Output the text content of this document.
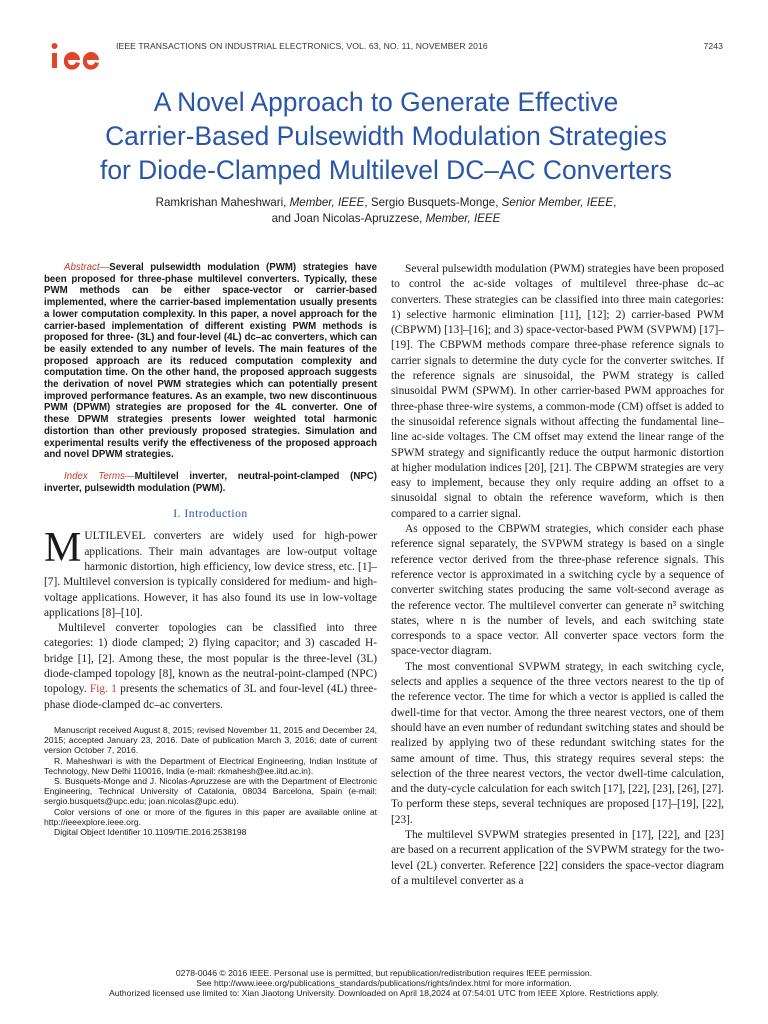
IEEE TRANSACTIONS ON INDUSTRIAL ELECTRONICS, VOL. 63, NO. 11, NOVEMBER 2016	7243
A Novel Approach to Generate Effective
Carrier-Based Pulsewidth Modulation Strategies
for Diode-Clamped Multilevel DC–AC Converters
Ramkrishan Maheshwari, Member, IEEE, Sergio Busquets-Monge, Senior Member, IEEE,
and Joan Nicolas-Apruzzese, Member, IEEE

Abstract—Several pulsewidth modulation (PWM) strategies have been proposed for three-phase multilevel converters. Typically, these PWM methods can be either space-vector or carrier-based implemented, where the carrier-based implementation usually presents a lower computation complexity. In this paper, a novel approach for the carrier-based implementation of different existing PWM methods is proposed for three- (3L) and four-level (4L) dc–ac converters, which can be easily extended to any number of levels. The main features of the proposed approach are its reduced computation complexity and computation time. On the other hand, the proposed approach suggests the derivation of novel PWM strategies which can potentially present improved performance features. As an example, two new discontinuous PWM (DPWM) strategies are proposed for the 4L converter. One of these DPWM strategies presents lower weighted total harmonic distortion than other previously proposed strategies. Simulation and experimental results verify the effectiveness of the proposed approach and novel DPWM strategies.

Index Terms—Multilevel inverter, neutral-point-clamped (NPC) inverter, pulsewidth modulation (PWM).

I. Introduction

MULTILEVEL converters are widely used for high-power applications. Their main advantages are low-output voltage harmonic distortion, high efficiency, low device stress, etc. [1]–[7]. Multilevel conversion is typically considered for medium- and high-voltage applications. However, it has also found its use in low-voltage applications [8]–[10].

Multilevel converter topologies can be classified into three categories: 1) diode clamped; 2) flying capacitor; and 3) cascaded H-bridge [1], [2]. Among these, the most popular is the three-level (3L) diode-clamped topology [8], known as the neutral-point-clamped (NPC) topology. Fig. 1 presents the schematics of 3L and four-level (4L) three-phase diode-clamped dc–ac converters.

Manuscript received August 8, 2015; revised November 11, 2015 and December 24, 2015; accepted January 23, 2016. Date of publication March 3, 2016; date of current version October 7, 2016.

R. Maheshwari is with the Department of Electrical Engineering, Indian Institute of Technology, New Delhi 110016, India (e-mail: rkmahesh@ee.iitd.ac.in).

S. Busquets-Monge and J. Nicolas-Apruzzese are with the Department of Electronic Engineering, Technical University of Catalonia, 08034 Barcelona, Spain (e-mail: sergio.busquets@upc.edu; joan.nicolas@upc.edu).

Color versions of one or more of the figures in this paper are available online at http://ieeexplore.ieee.org.

Digital Object Identifier 10.1109/TIE.2016.2538198

Several pulsewidth modulation (PWM) strategies have been proposed to control the ac-side voltages of multilevel three-phase dc–ac converters. These strategies can be classified into three main categories: 1) selective harmonic elimination [11], [12]; 2) carrier-based PWM (CBPWM) [13]–[16]; and 3) space-vector-based PWM (SVPWM) [17]–[19]. The CBPWM methods compare three-phase reference signals to carrier signals to determine the duty cycle for the converter switches. If the reference signals are sinusoidal, the PWM strategy is called sinusoidal PWM (SPWM). In other carrier-based PWM approaches for three-phase three-wire systems, a common-mode (CM) offset is added to the sinusoidal reference signals without affecting the fundamental line–line ac-side voltages. The CM offset may extend the linear range of the SPWM strategy and significantly reduce the output harmonic distortion at higher modulation indices [20], [21]. The CBPWM strategies are very easy to implement, because they only require adding an offset to a sinusoidal signal to obtain the reference waveform, which is then compared to a carrier signal.

As opposed to the CBPWM strategies, which consider each phase reference signal separately, the SVPWM strategy is based on a single reference vector derived from the three-phase reference signals. This reference vector is approximated in a switching cycle by a sequence of converter switching states producing the same volt-second average as the reference vector. The multilevel converter can generate n³ switching states, where n is the number of levels, and each switching state corresponds to a space vector. All converter space vectors form the space-vector diagram.

The most conventional SVPWM strategy, in each switching cycle, selects and applies a sequence of the three vectors nearest to the tip of the reference vector. The time for which a vector is applied is called the dwell-time for that vector. Among the three nearest vectors, one of them should have an even number of redundant switching states and should be realized by applying two of these redundant switching states for the same amount of time. Thus, this strategy requires several steps: the selection of the three nearest vectors, the vector dwell-time calculation, and the duty-cycle calculation for each switch [17], [22], [23], [26], [27]. To perform these steps, several techniques are proposed [17]–[19], [22], [23].

The multilevel SVPWM strategies presented in [17], [22], and [23] are based on a recurrent application of the SVPWM strategy for the two-level (2L) converter. Reference [22] considers the space-vector diagram of a multilevel converter as a

0278-0046 © 2016 IEEE. Personal use is permitted, but republication/redistribution requires IEEE permission.
See http://www.ieee.org/publications_standards/publications/rights/index.html for more information.
Authorized licensed use limited to: Xian Jiaotong University. Downloaded on April 18,2024 at 07:54:01 UTC from IEEE Xplore. Restrictions apply.
